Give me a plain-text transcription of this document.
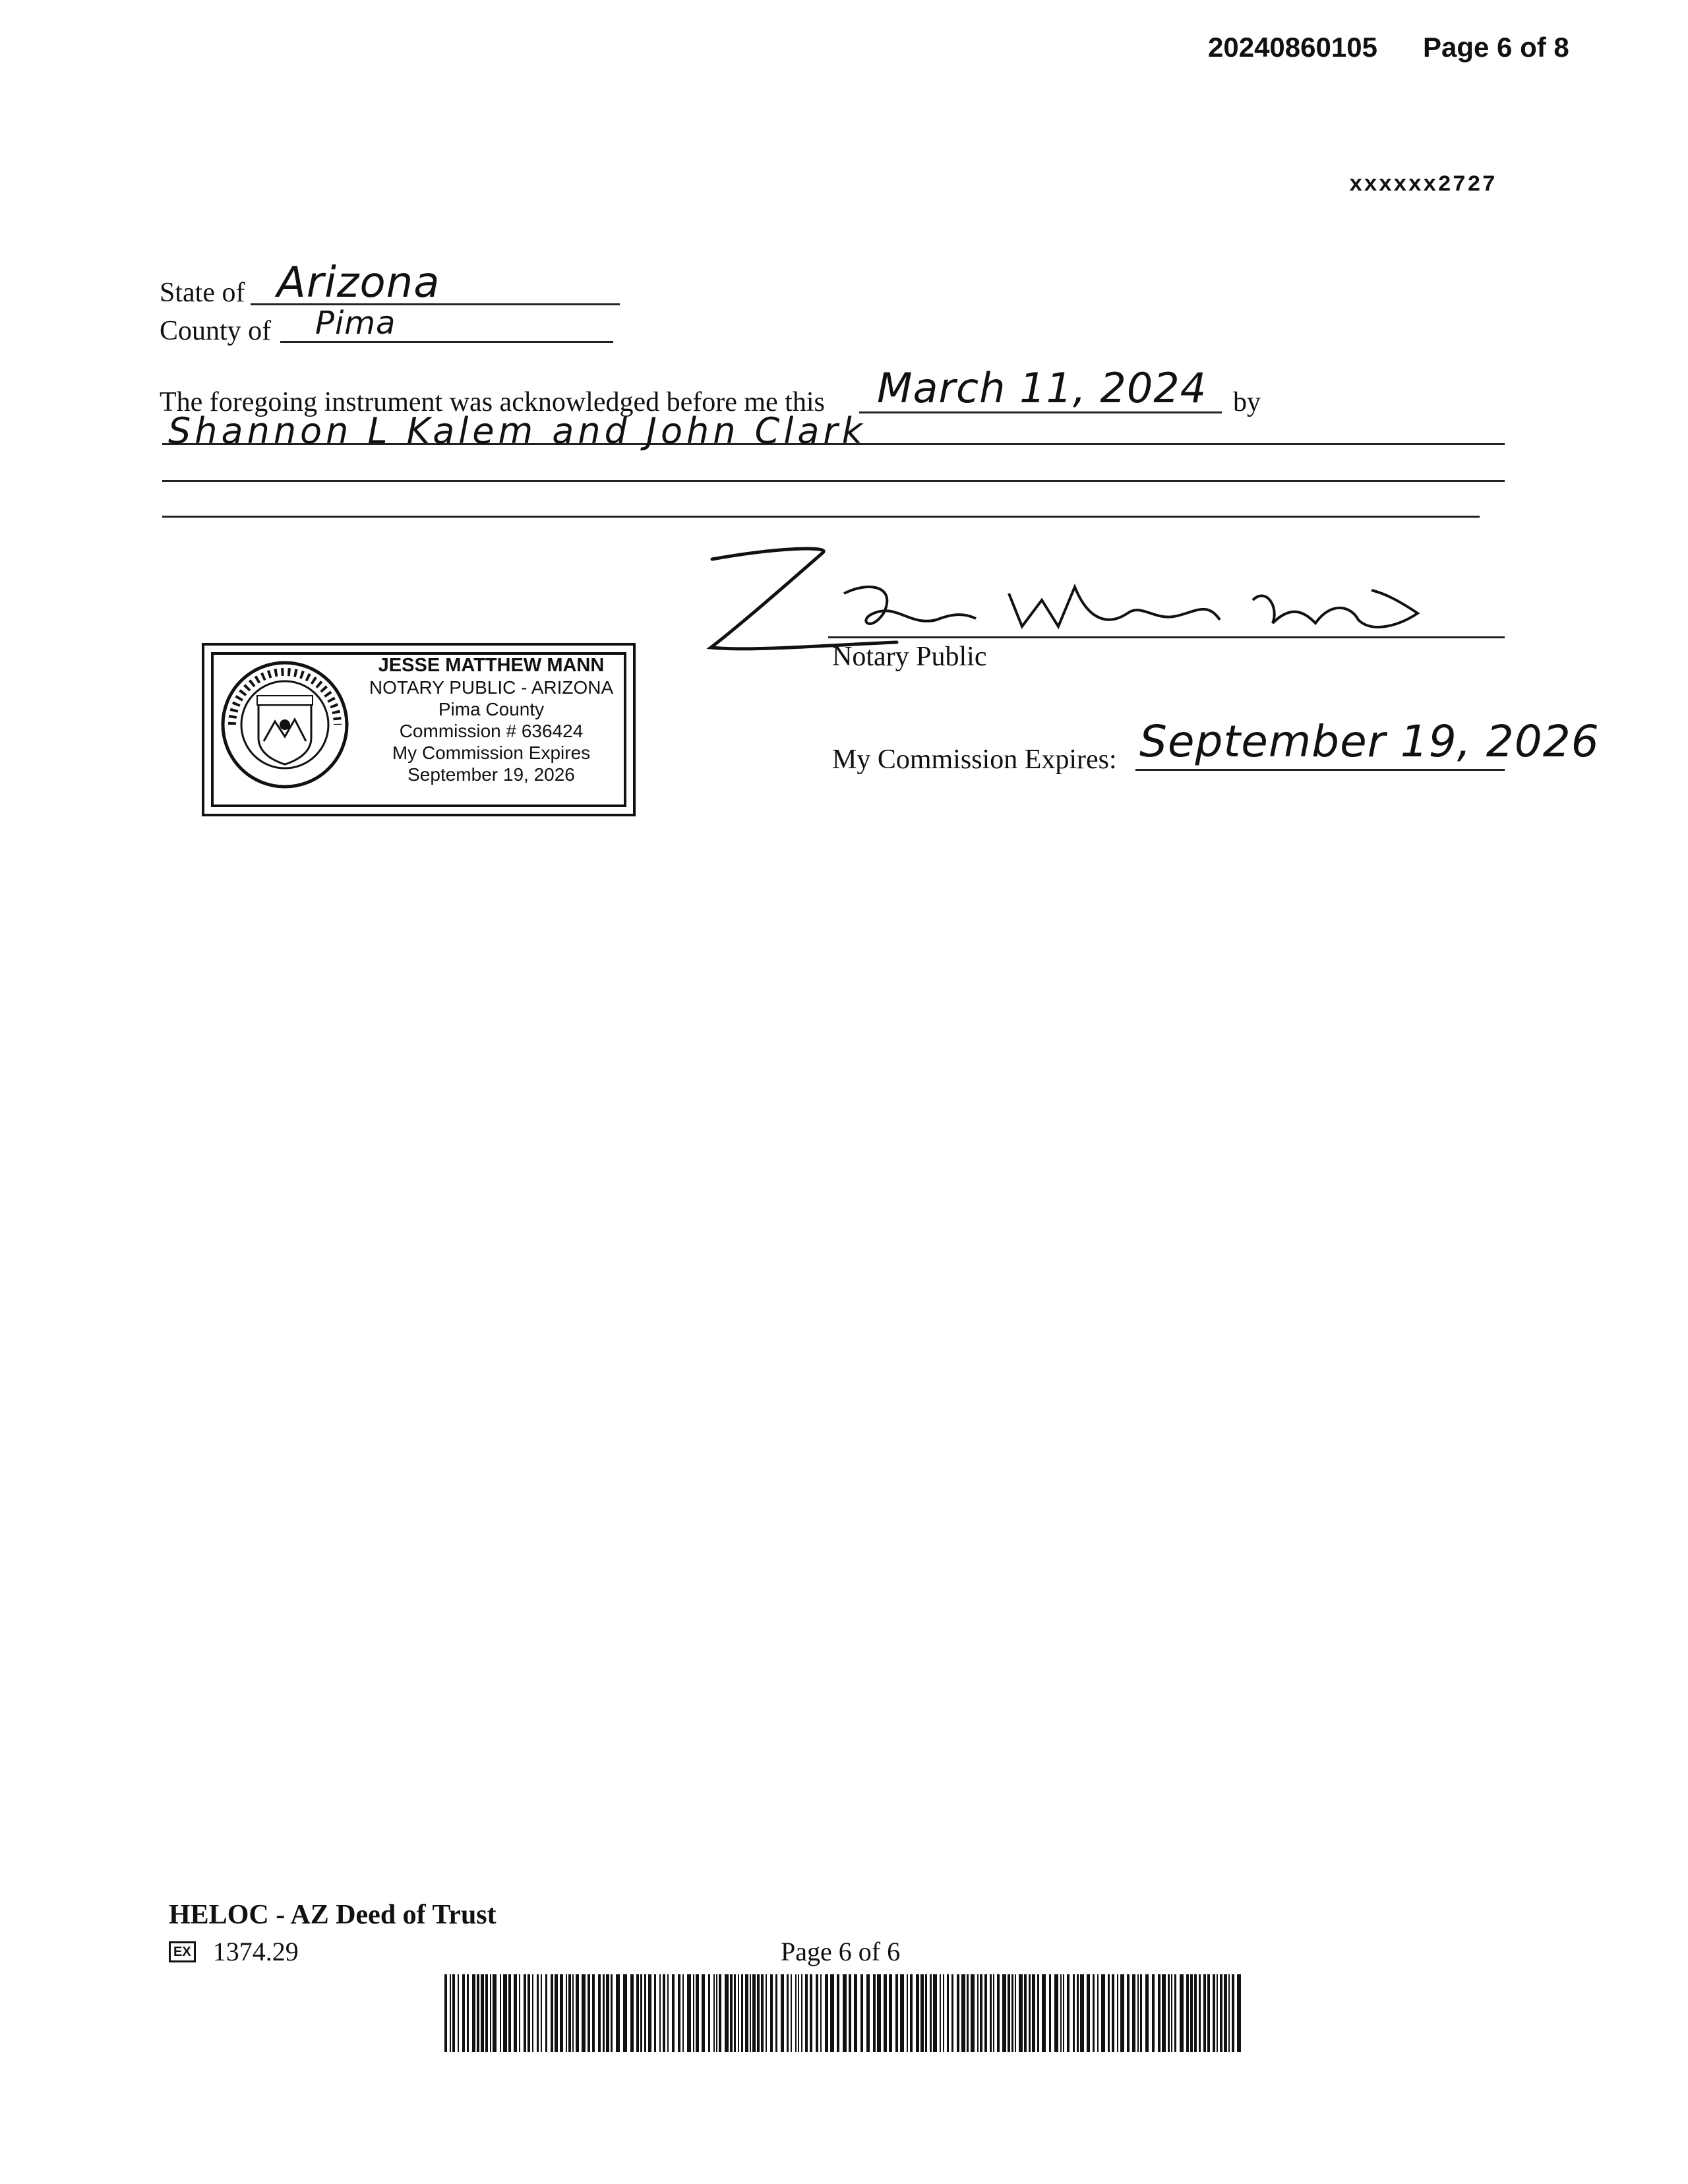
20240860105 Page 6 of 8
xxxxxx2727
State of Arizona
County of Pima
The foregoing instrument was acknowledged before me this March 11, 2024 by
Shannon L Kalem and John Clark
Notary Public
My Commission Expires: September 19, 2026
JESSE MATTHEW MANN
NOTARY PUBLIC - ARIZONA
Pima County
Commission # 636424
My Commission Expires
September 19, 2026
HELOC - AZ Deed of Trust
EX 1374.29	Page 6 of 6
